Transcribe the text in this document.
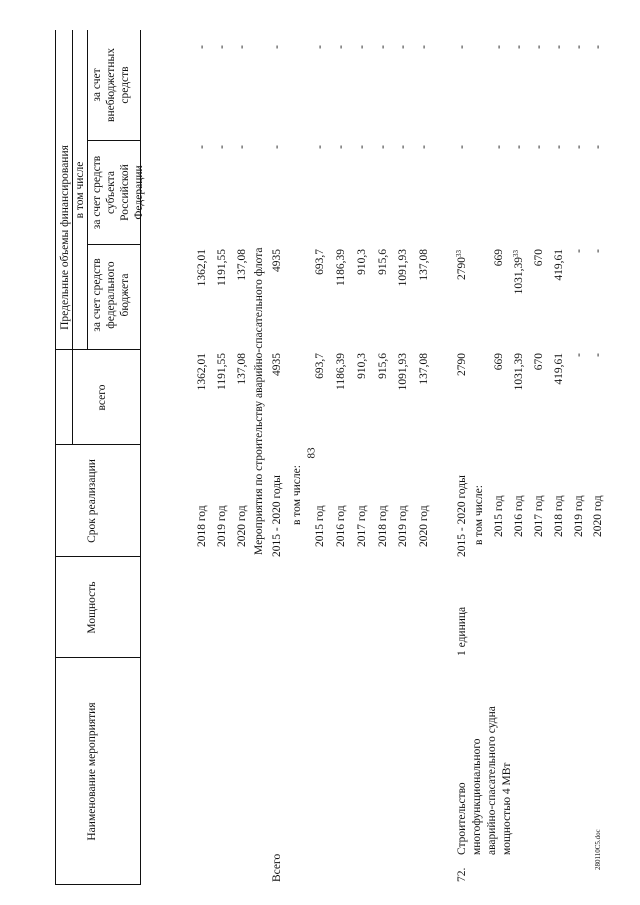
83
280110C5.doc
Наименование мероприятия
Мощность
Срок реализации
всего
Предельные объемы финансирования в том числе
за счет средств федерального бюджета
за счет средств субъекта Российской Федерации
за счет внебюджетных средств
2018 год
1362,01
1362,01
-
-
2019 год
1191,55
1191,55
-
-
2020 год
137,08
137,08
-
-
Мероприятия по строительству аварийно-спасательного флота
Всего
2015 - 2020 годы
4935
4935
-
-
в том числе:
2015 год
693,7
693,7
-
-
2016 год
1186,39
1186,39
-
-
2017 год
910,3
910,3
-
-
2018 год
915,6
915,6
-
-
2019 год
1091,93
1091,93
-
-
2020 год
137,08
137,08
-
-
72.
Строительство многофункционального аварийно-спасательного судна мощностью 4 МВт
1 единица
2015 - 2020 годы
2790
2790
33
-
-
в том числе: 2015 год
669
669
-
-
2016 год
1031,39
1031,39
33
-
-
2017 год
670
670
-
-
2018 год
419,61
419,61
-
-
2019 год
-
-
-
-
2020 год
-
-
-
-
